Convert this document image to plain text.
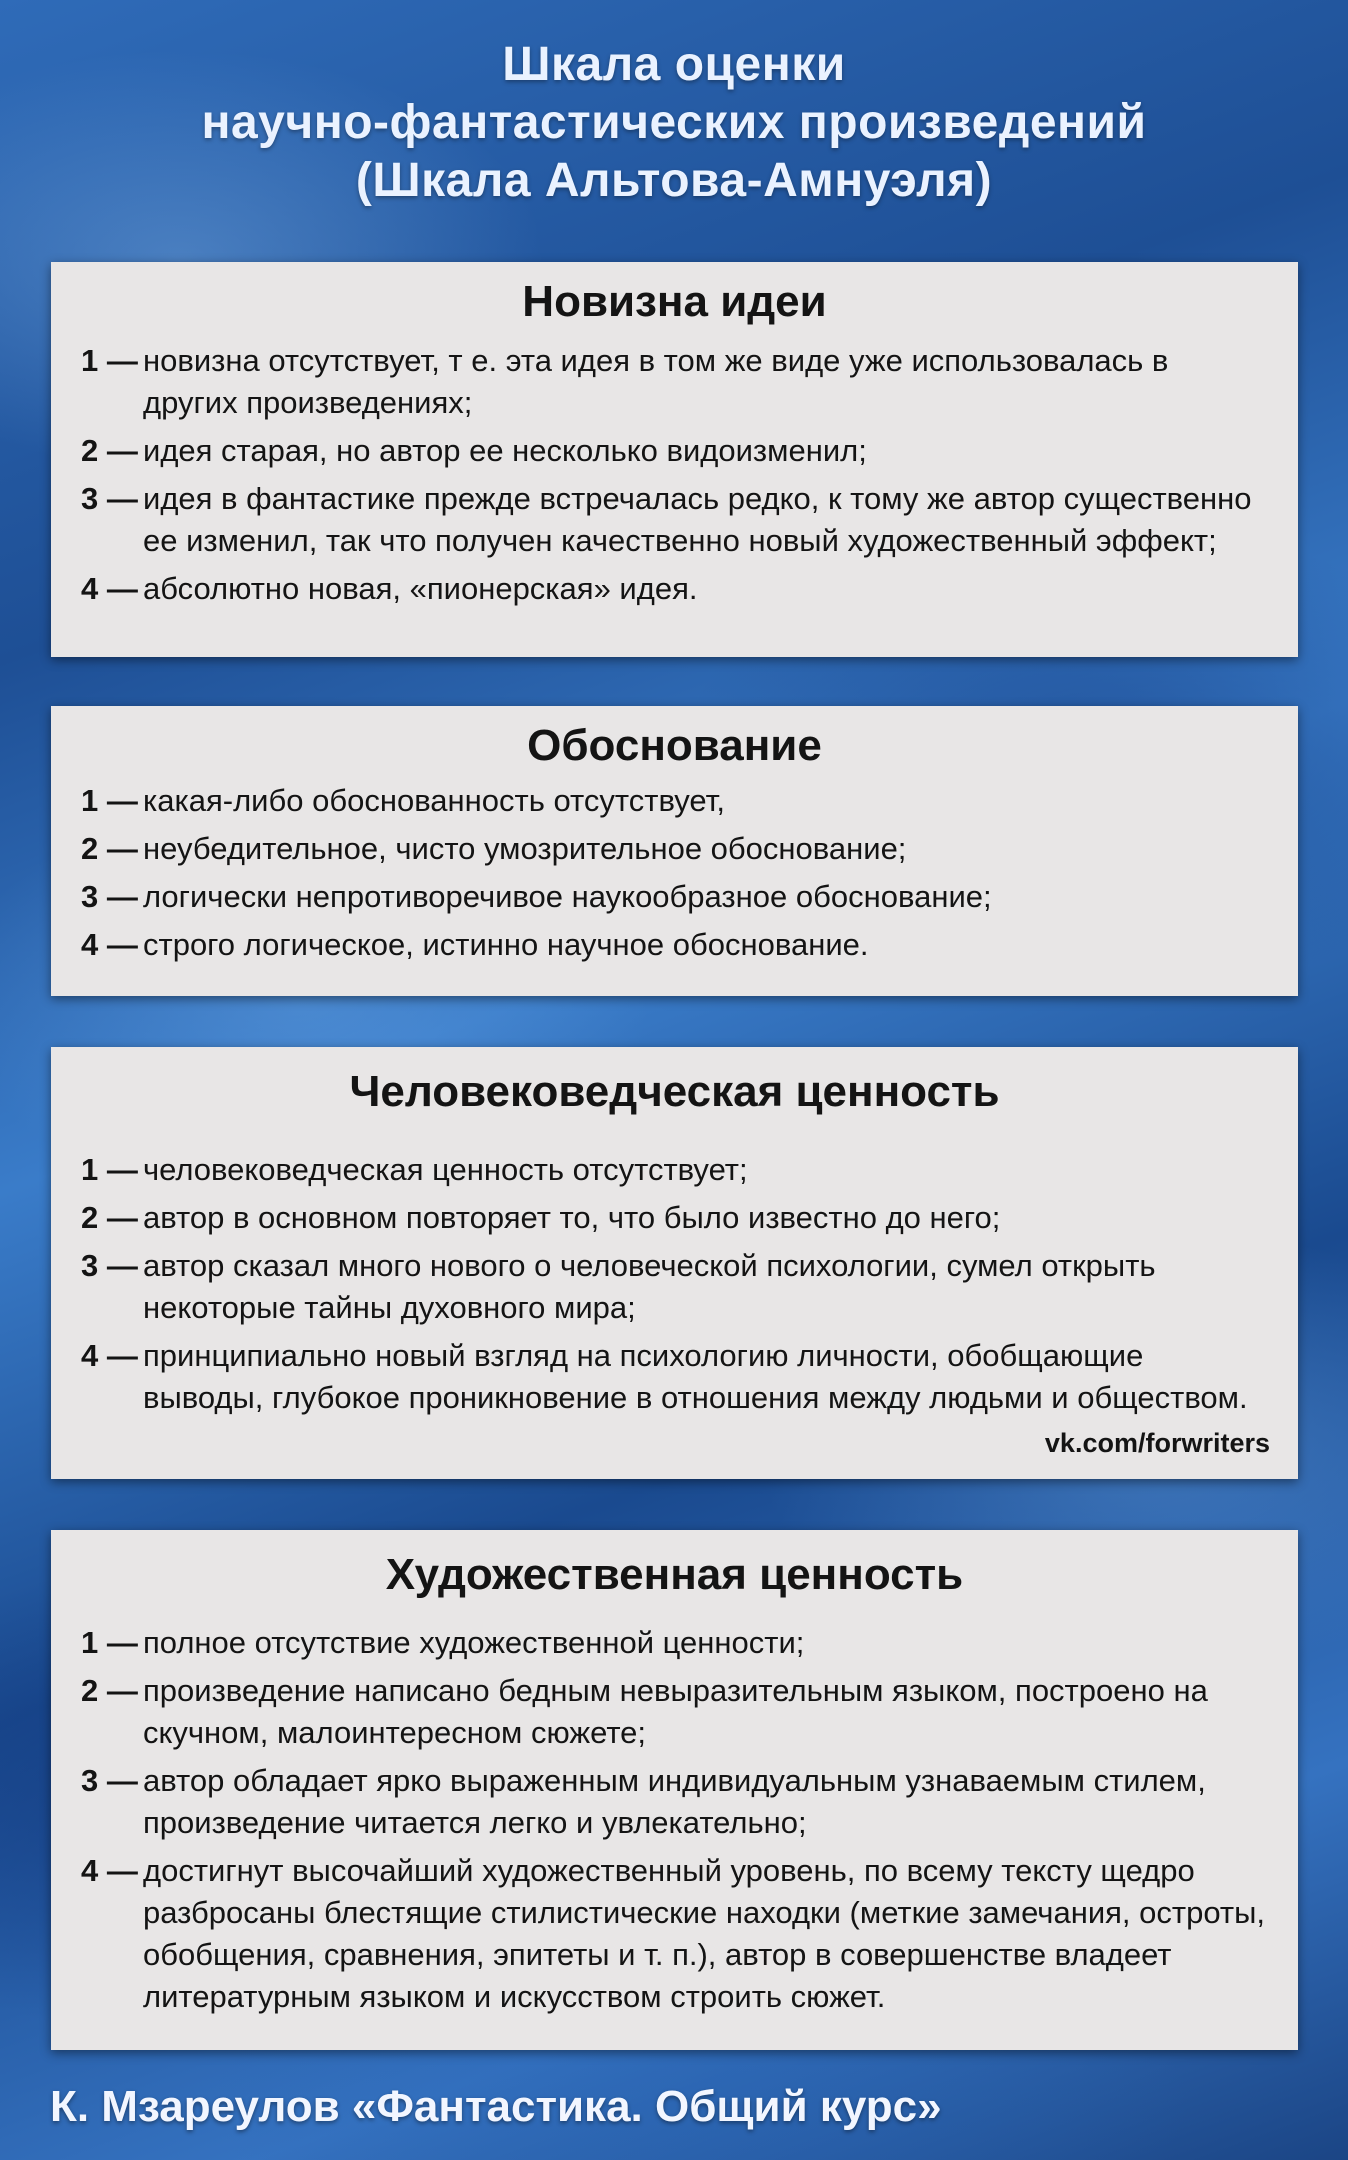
Шкала оценки
научно-фантастических произведений
(Шкала Альтова-Амнуэля)
Новизна идеи
1 — новизна отсутствует, т е. эта идея в том же виде уже использовалась в других произведениях;
2 — идея старая, но автор ее несколько видоизменил;
3 — идея в фантастике прежде встречалась редко, к тому же автор существенно ее изменил, так что получен качественно новый художественный эффект;
4 — абсолютно новая, «пионерская» идея.
Обоснование
1 — какая-либо обоснованность отсутствует,
2 — неубедительное, чисто умозрительное обоснование;
3 — логически непротиворечивое наукообразное обоснование;
4 — строго логическое, истинно научное обоснование.
Человековедческая ценность
1 — человековедческая ценность отсутствует;
2 — автор в основном повторяет то, что было известно до него;
3 — автор сказал много нового о человеческой психологии, сумел открыть некоторые тайны духовного мира;
4 — принципиально новый взгляд на психологию личности, обобщающие выводы, глубокое проникновение в отношения между людьми и обществом.
vk.com/forwriters
Художественная ценность
1 — полное отсутствие художественной ценности;
2 — произведение написано бедным невыразительным языком, построено на скучном, малоинтересном сюжете;
3 — автор обладает ярко выраженным индивидуальным узнаваемым стилем, произведение читается легко и увлекательно;
4 — достигнут высочайший художественный уровень, по всему тексту щедро разбросаны блестящие стилистические находки (меткие замечания, остроты, обобщения, сравнения, эпитеты и т. п.), автор в совершенстве владеет литературным языком и искусством строить сюжет.
К. Мзареулов «Фантастика. Общий курс»
